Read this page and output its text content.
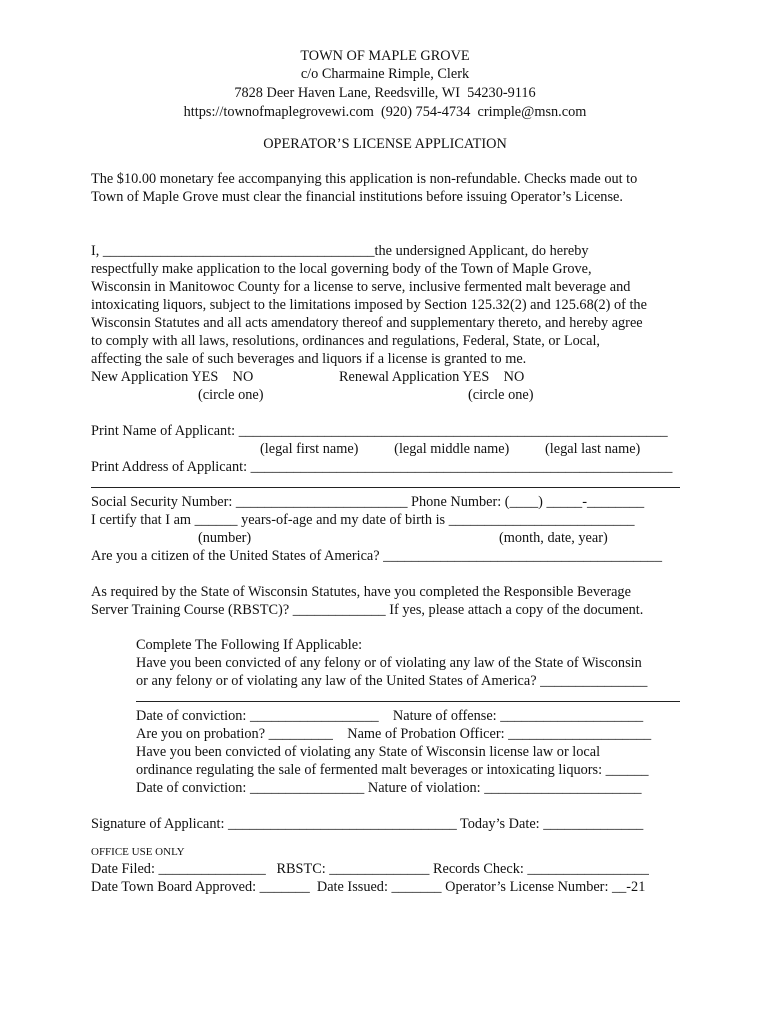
TOWN OF MAPLE GROVE
c/o Charmaine Rimple, Clerk
7828 Deer Haven Lane, Reedsville, WI  54230-9116
https://townofmaplegrovewi.com  (920) 754-4734  crimple@msn.com
OPERATOR’S LICENSE APPLICATION
The $10.00 monetary fee accompanying this application is non-refundable. Checks made out to
Town of Maple Grove must clear the financial institutions before issuing Operator’s License.
I, ______________________________________the undersigned Applicant, do hereby
respectfully make application to the local governing body of the Town of Maple Grove,
Wisconsin in Manitowoc County for a license to serve, inclusive fermented malt beverage and
intoxicating liquors, subject to the limitations imposed by Section 125.32(2) and 125.68(2) of the
Wisconsin Statutes and all acts amendatory thereof and supplementary thereto, and hereby agree
to comply with all laws, resolutions, ordinances and regulations, Federal, State, or Local,
affecting the sale of such beverages and liquors if a license is granted to me.
New Application YES    NO	Renewal Application YES    NO
(circle one)	(circle one)
Print Name of Applicant: ____________________________________________________________
(legal first name)          (legal middle name)          (legal last name)
Print Address of Applicant: ___________________________________________________________
Social Security Number: ________________________ Phone Number: (____) _____-________
I certify that I am ______ years-of-age and my date of birth is __________________________
(number)	(month, date, year)
Are you a citizen of the United States of America? _______________________________________
As required by the State of Wisconsin Statutes, have you completed the Responsible Beverage
Server Training Course (RBSTC)? _____________ If yes, please attach a copy of the document.
Complete The Following If Applicable:
Have you been convicted of any felony or of violating any law of the State of Wisconsin
or any felony or of violating any law of the United States of America? _______________
Date of conviction: __________________    Nature of offense: ____________________
Are you on probation? _________    Name of Probation Officer: ____________________
Have you been convicted of violating any State of Wisconsin license law or local
ordinance regulating the sale of fermented malt beverages or intoxicating liquors: ______
Date of conviction: ________________ Nature of violation: ______________________
Signature of Applicant: ________________________________ Today’s Date: ______________
OFFICE USE ONLY
Date Filed: _______________   RBSTC: ______________ Records Check: _________________
Date Town Board Approved: _______  Date Issued: _______ Operator’s License Number: __-21
